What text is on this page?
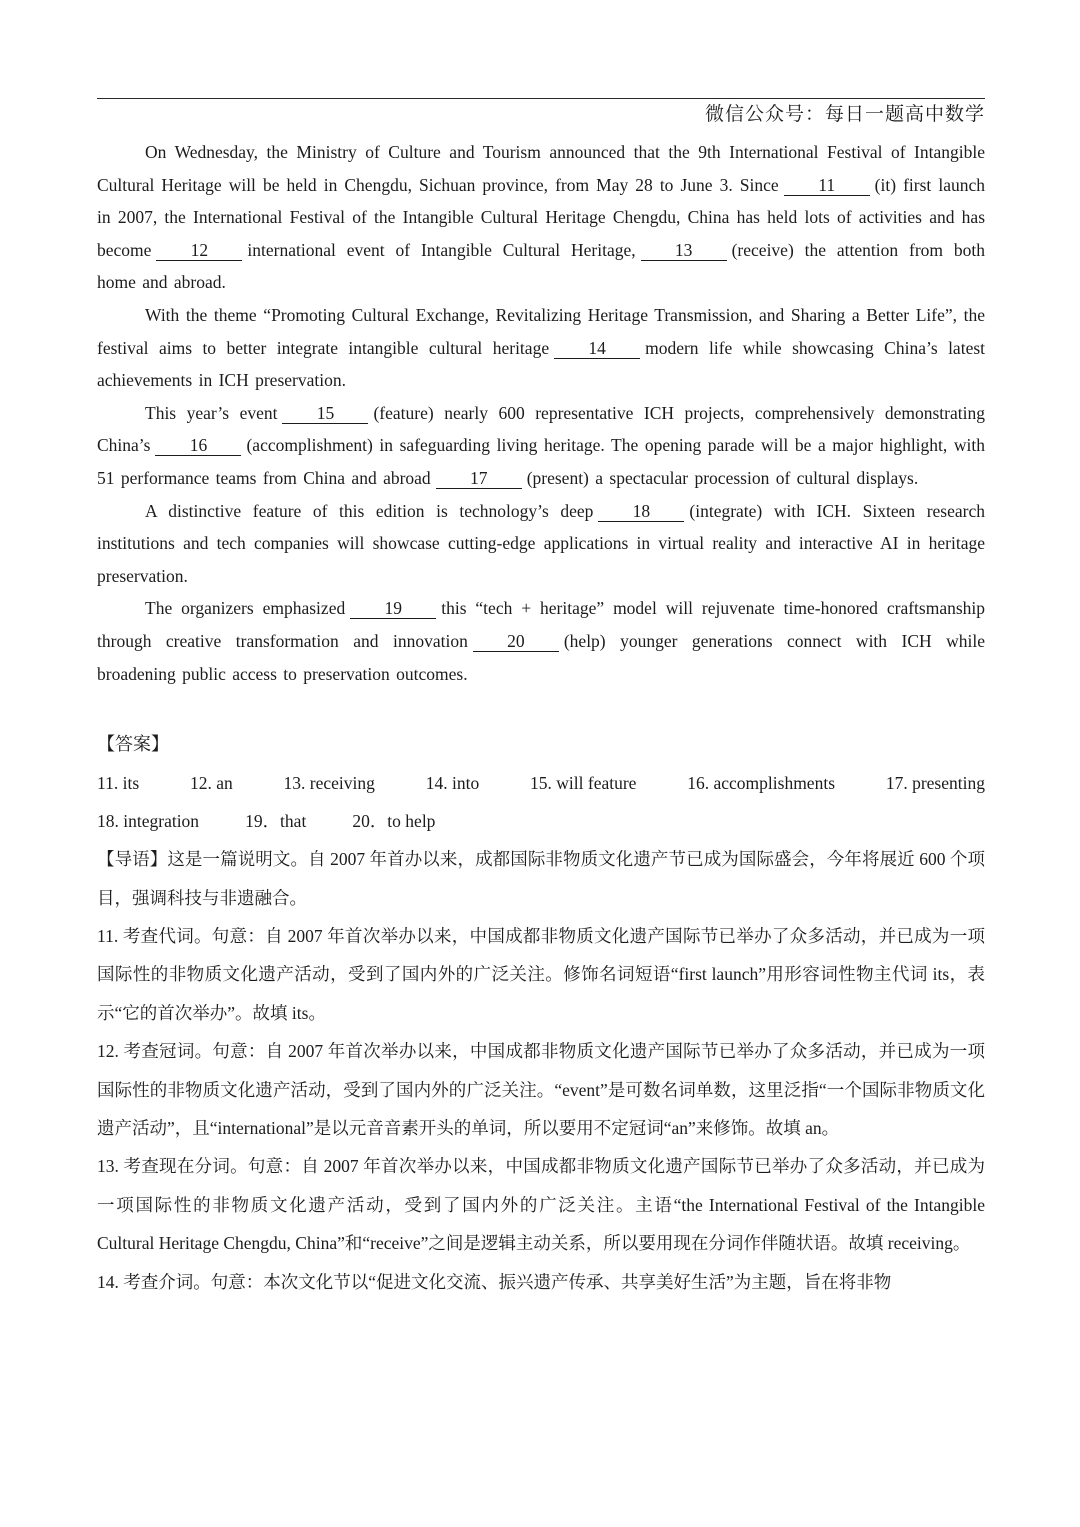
微信公众号：每日一题高中数学

On Wednesday, the Ministry of Culture and Tourism announced that the 9th International Festival of Intangible Cultural Heritage will be held in Chengdu, Sichuan province, from May 28 to June 3. Since 11 (it) first launch in 2007, the International Festival of the Intangible Cultural Heritage Chengdu, China has held lots of activities and has become 12 international event of Intangible Cultural Heritage, 13 (receive) the attention from both home and abroad.

With the theme “Promoting Cultural Exchange, Revitalizing Heritage Transmission, and Sharing a Better Life”, the festival aims to better integrate intangible cultural heritage 14 modern life while showcasing China’s latest achievements in ICH preservation.

This year’s event 15 (feature) nearly 600 representative ICH projects, comprehensively demonstrating China’s 16 (accomplishment) in safeguarding living heritage. The opening parade will be a major highlight, with 51 performance teams from China and abroad 17 (present) a spectacular procession of cultural displays.

A distinctive feature of this edition is technology’s deep 18 (integrate) with ICH. Sixteen research institutions and tech companies will showcase cutting-edge applications in virtual reality and interactive AI in heritage preservation.

The organizers emphasized 19 this “tech + heritage” model will rejuvenate time-honored craftsmanship through creative transformation and innovation 20 (help) younger generations connect with ICH while broadening public access to preservation outcomes.

【答案】
11. its	12. an	13. receiving	14. into	15. will feature	16. accomplishments	17. presenting
18. integration	19．that	20．to help

【导语】这是一篇说明文。自 2007 年首办以来，成都国际非物质文化遗产节已成为国际盛会，今年将展近 600 个项目，强调科技与非遗融合。

11. 考查代词。句意：自 2007 年首次举办以来，中国成都非物质文化遗产国际节已举办了众多活动，并已成为一项国际性的非物质文化遗产活动，受到了国内外的广泛关注。修饰名词短语“first launch”用形容词性物主代词 its，表示“它的首次举办”。故填 its。

12. 考查冠词。句意：自 2007 年首次举办以来，中国成都非物质文化遗产国际节已举办了众多活动，并已成为一项国际性的非物质文化遗产活动，受到了国内外的广泛关注。“event”是可数名词单数，这里泛指“一个国际非物质文化遗产活动”，且“international”是以元音音素开头的单词，所以要用不定冠词“an”来修饰。故填 an。

13. 考查现在分词。句意：自 2007 年首次举办以来，中国成都非物质文化遗产国际节已举办了众多活动，并已成为一项国际性的非物质文化遗产活动，受到了国内外的广泛关注。主语“the International Festival of the Intangible Cultural Heritage Chengdu, China”和“receive”之间是逻辑主动关系，所以要用现在分词作伴随状语。故填 receiving。

14. 考查介词。句意：本次文化节以“促进文化交流、振兴遗产传承、共享美好生活”为主题，旨在将非物
